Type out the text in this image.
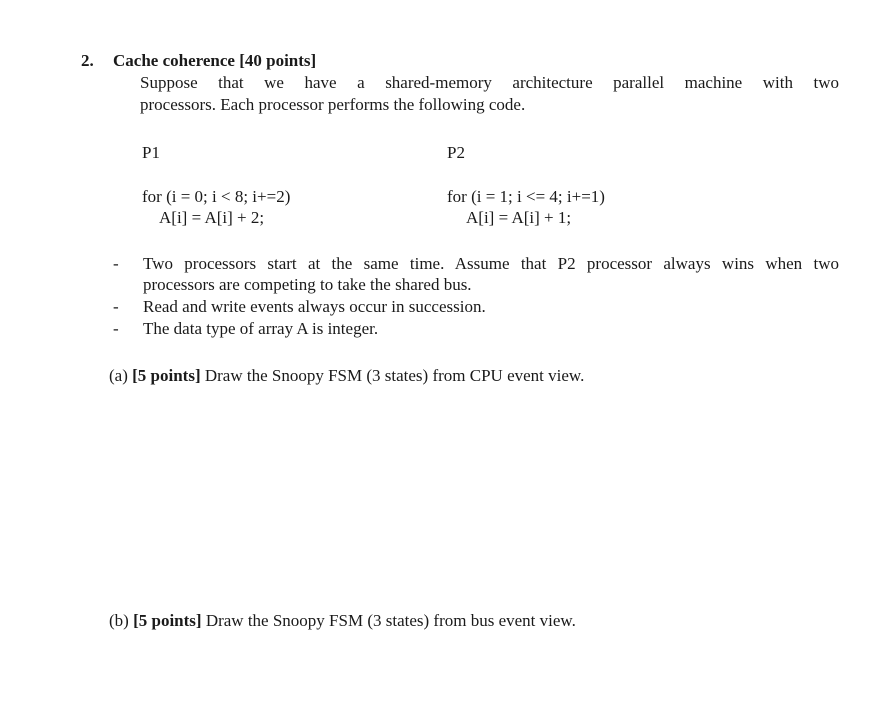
2. Cache coherence [40 points]
Suppose that we have a shared-memory architecture parallel machine with two
processors. Each processor performs the following code.
P1	P2
for (i = 0; i < 8; i+=2)
A[i] = A[i] + 2;
for (i = 1; i <= 4; i+=1)
A[i] = A[i] + 1;
- Two processors start at the same time. Assume that P2 processor always wins when two
processors are competing to take the shared bus.
- Read and write events always occur in succession.
- The data type of array A is integer.
(a) [5 points] Draw the Snoopy FSM (3 states) from CPU event view.
(b) [5 points] Draw the Snoopy FSM (3 states) from bus event view.
